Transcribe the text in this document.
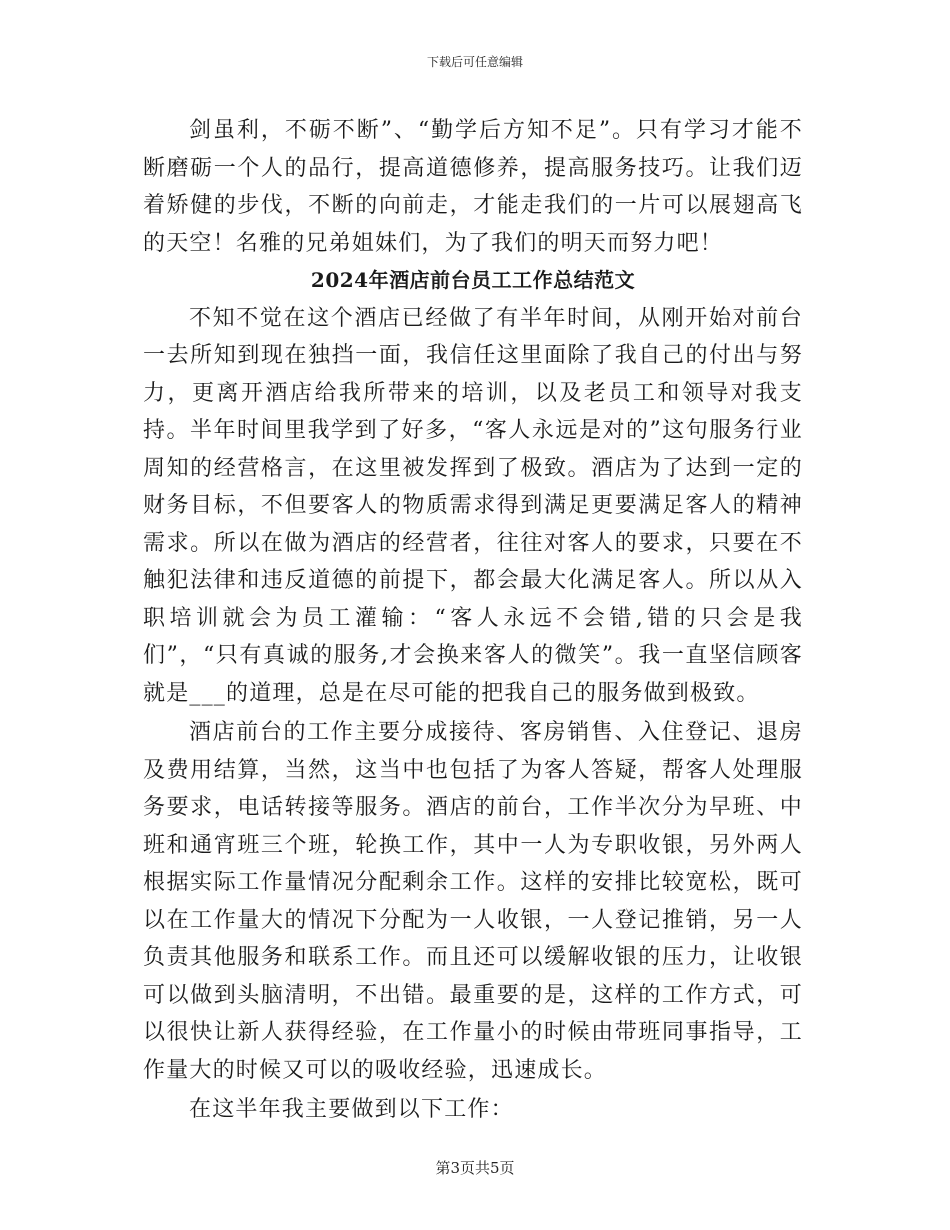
下载后可任意编辑

剑虽利，不砺不断”、“勤学后方知不足”。只有学习才能不断磨砺一个人的品行，提高道德修养，提高服务技巧。让我们迈着矫健的步伐，不断的向前走，才能走我们的一片可以展翅高飞的天空！名雅的兄弟姐妹们，为了我们的明天而努力吧！

2024年酒店前台员工工作总结范文

不知不觉在这个酒店已经做了有半年时间，从刚开始对前台一去所知到现在独挡一面，我信任这里面除了我自己的付出与努力，更离开酒店给我所带来的培训，以及老员工和领导对我支持。半年时间里我学到了好多，“客人永远是对的”这句服务行业周知的经营格言，在这里被发挥到了极致。酒店为了达到一定的财务目标，不但要客人的物质需求得到满足更要满足客人的精神需求。所以在做为酒店的经营者，往往对客人的要求，只要在不触犯法律和违反道德的前提下，都会最大化满足客人。所以从入职培训就会为员工灌输：“客人永远不会错,错的只会是我们”，“只有真诚的服务,才会换来客人的微笑”。我一直坚信顾客就是___的道理，总是在尽可能的把我自己的服务做到极致。

酒店前台的工作主要分成接待、客房销售、入住登记、退房及费用结算，当然，这当中也包括了为客人答疑，帮客人处理服务要求，电话转接等服务。酒店的前台，工作半次分为早班、中班和通宵班三个班，轮换工作，其中一人为专职收银，另外两人根据实际工作量情况分配剩余工作。这样的安排比较宽松，既可以在工作量大的情况下分配为一人收银，一人登记推销，另一人负责其他服务和联系工作。而且还可以缓解收银的压力，让收银可以做到头脑清明，不出错。最重要的是，这样的工作方式，可以很快让新人获得经验，在工作量小的时候由带班同事指导，工作量大的时候又可以的吸收经验，迅速成长。

在这半年我主要做到以下工作：

第3页共5页
